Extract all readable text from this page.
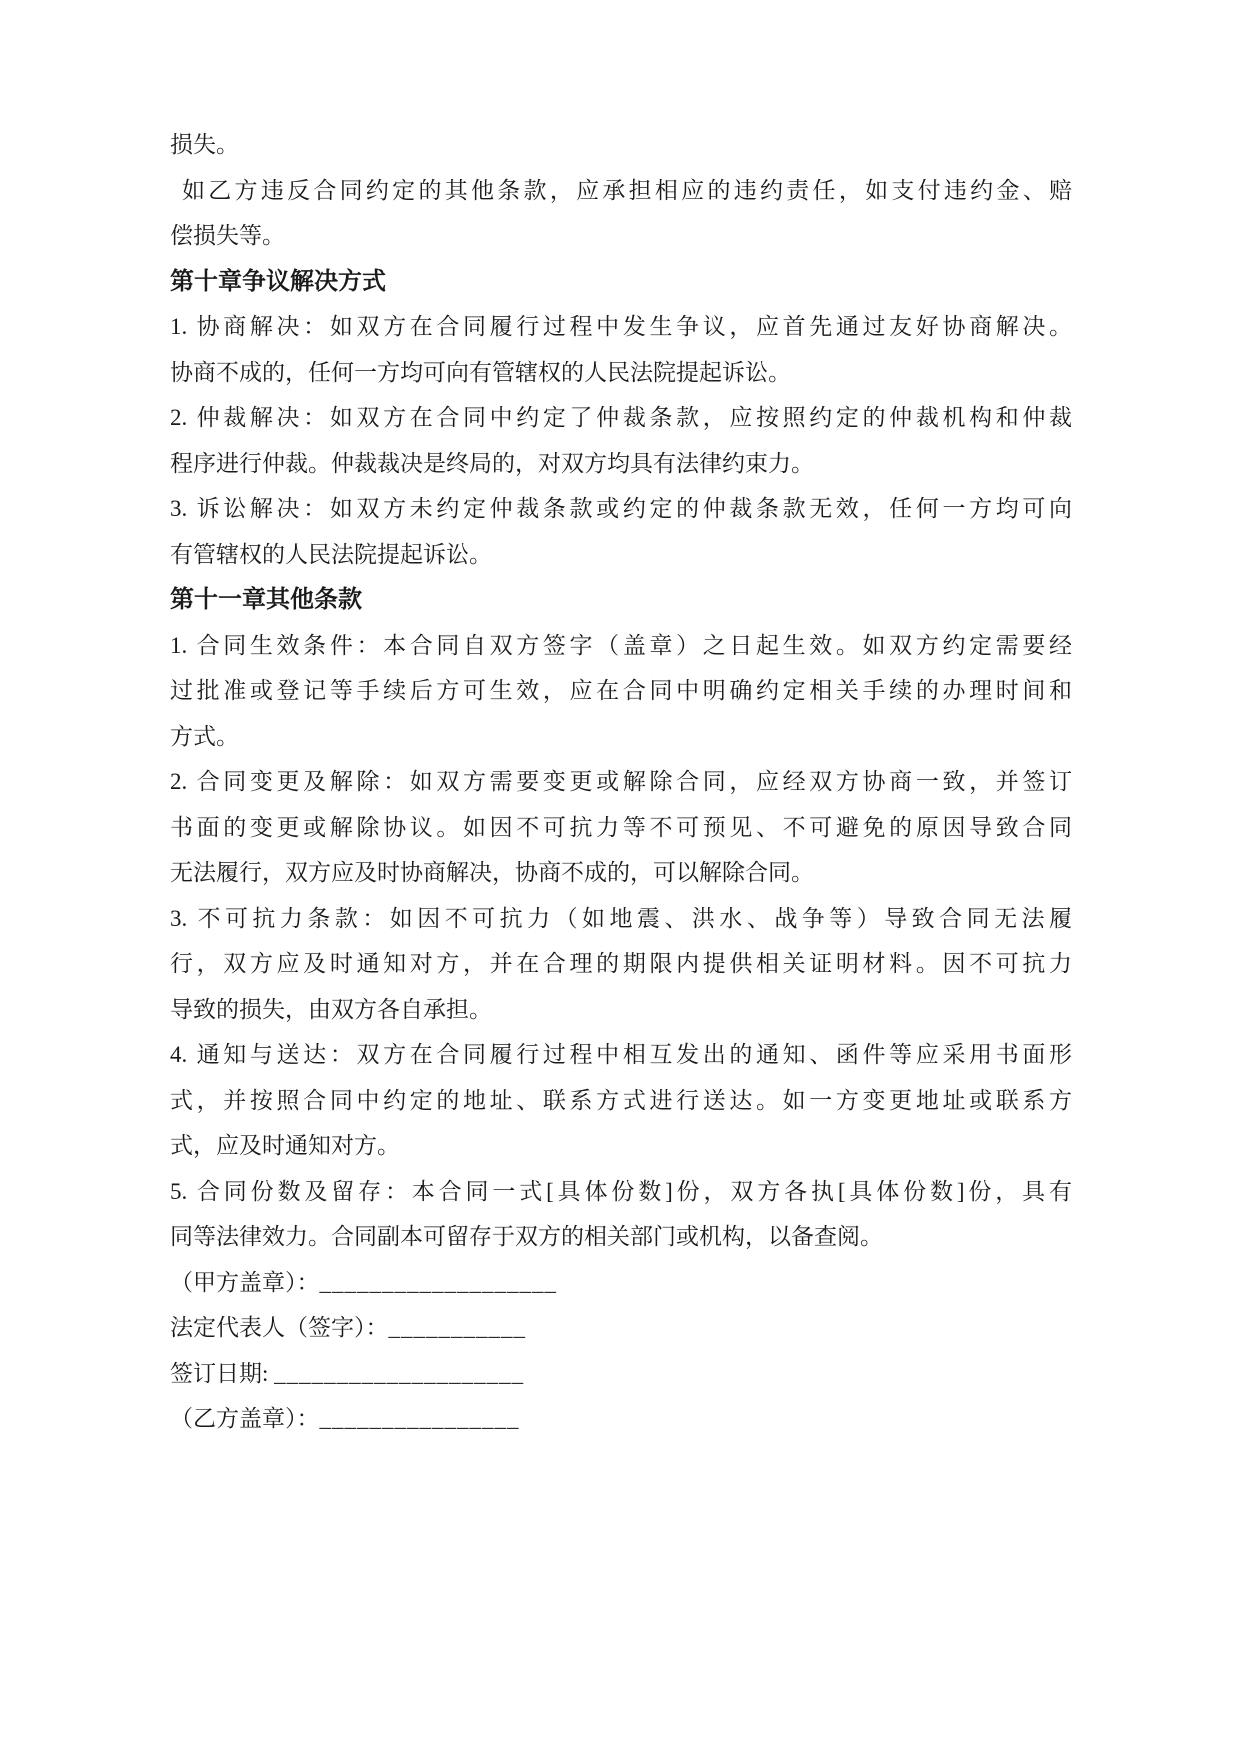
损失。
如乙方违反合同约定的其他条款，应承担相应的违约责任，如支付违约金、赔
偿损失等。
第十章争议解决方式
1. 协商解决：如双方在合同履行过程中发生争议，应首先通过友好协商解决。
协商不成的，任何一方均可向有管辖权的人民法院提起诉讼。
2. 仲裁解决：如双方在合同中约定了仲裁条款，应按照约定的仲裁机构和仲裁
程序进行仲裁。仲裁裁决是终局的，对双方均具有法律约束力。
3. 诉讼解决：如双方未约定仲裁条款或约定的仲裁条款无效，任何一方均可向
有管辖权的人民法院提起诉讼。
第十一章其他条款
1. 合同生效条件：本合同自双方签字（盖章）之日起生效。如双方约定需要经
过批准或登记等手续后方可生效，应在合同中明确约定相关手续的办理时间和
方式。
2. 合同变更及解除：如双方需要变更或解除合同，应经双方协商一致，并签订
书面的变更或解除协议。如因不可抗力等不可预见、不可避免的原因导致合同
无法履行，双方应及时协商解决，协商不成的，可以解除合同。
3. 不可抗力条款：如因不可抗力（如地震、洪水、战争等）导致合同无法履
行，双方应及时通知对方，并在合理的期限内提供相关证明材料。因不可抗力
导致的损失，由双方各自承担。
4. 通知与送达：双方在合同履行过程中相互发出的通知、函件等应采用书面形
式，并按照合同中约定的地址、联系方式进行送达。如一方变更地址或联系方
式，应及时通知对方。
5. 合同份数及留存：本合同一式[具体份数]份，双方各执[具体份数]份，具有
同等法律效力。合同副本可留存于双方的相关部门或机构，以备查阅。
（甲方盖章）：___________________
法定代表人（签字）：___________
签订日期: ____________________
（乙方盖章）：________________
